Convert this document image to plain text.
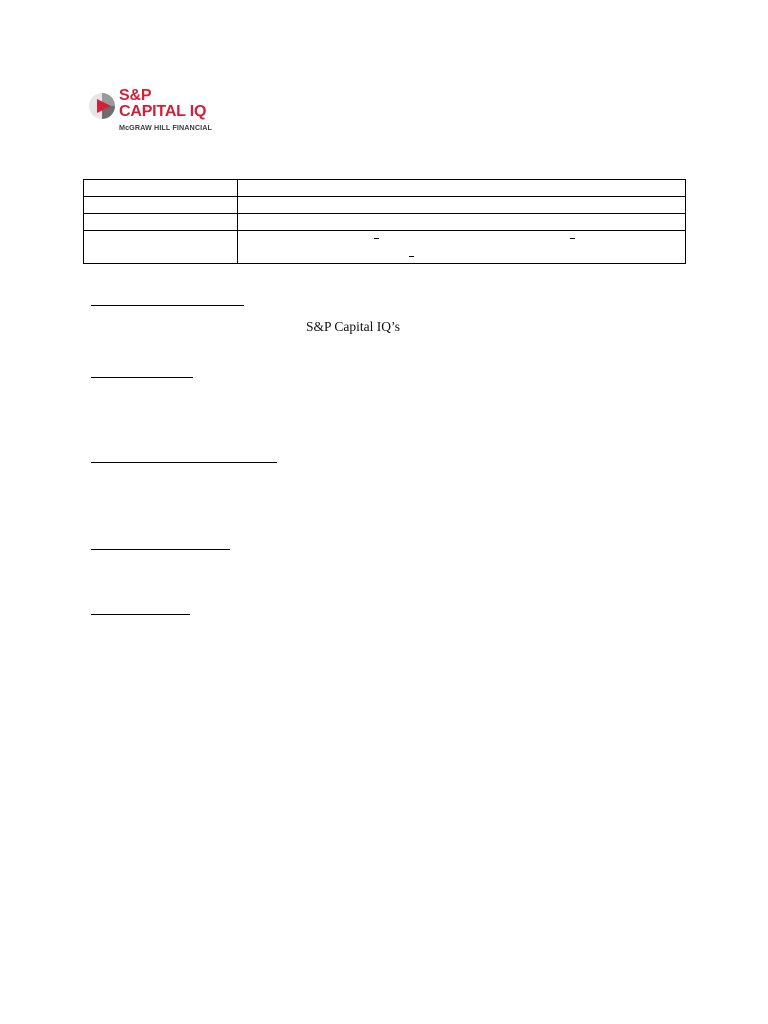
S&P
CAPITAL IQ
McGRAW HILL FINANCIAL

S&P Capital IQ’s
